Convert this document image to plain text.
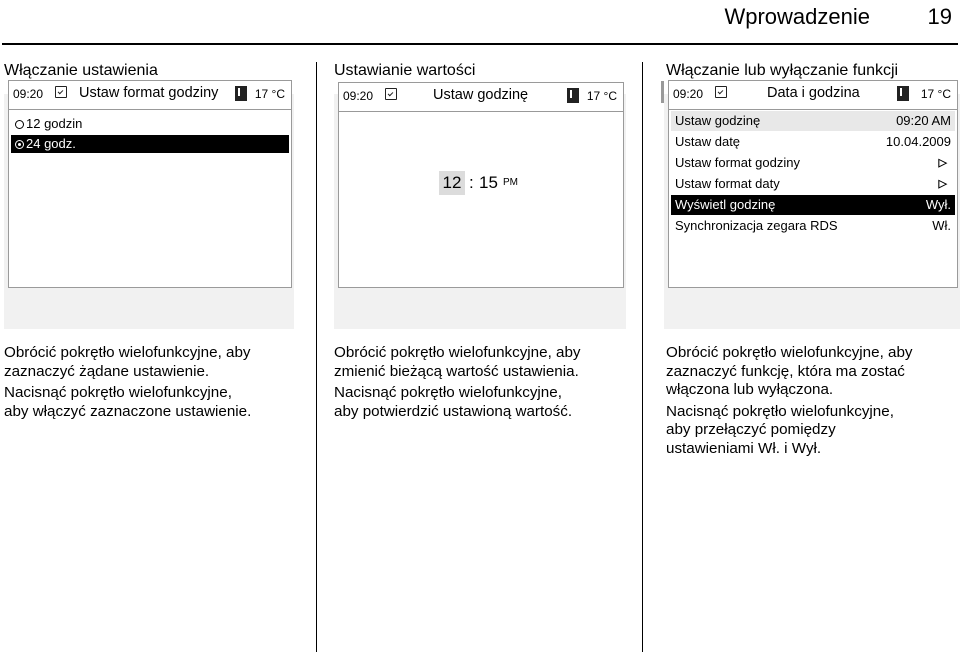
Wprowadzenie	19
Włączanie ustawienia
09:20 Ustaw format godziny	17 °C
12 godzin
24 godz.

Obrócić pokrętło wielofunkcyjne, aby
zaznaczyć żądane ustawienie.

Nacisnąć pokrętło wielofunkcyjne,
aby włączyć zaznaczone ustawienie.

Ustawianie wartości
09:20	Ustaw godzinę	17 °C
12 : 15 PM

Obrócić pokrętło wielofunkcyjne, aby
zmienić bieżącą wartość ustawienia.

Nacisnąć pokrętło wielofunkcyjne,
aby potwierdzić ustawioną wartość.

Włączanie lub wyłączanie funkcji
09:20	Data i godzina	17 °C
Ustaw godzinę	09:20 AM
Ustaw datę	10.04.2009
Ustaw format godziny	▷
Ustaw format daty	▷
Wyświetl godzinę	Wył.
Synchronizacja zegara RDS	Wł.

Obrócić pokrętło wielofunkcyjne, aby
zaznaczyć funkcję, która ma zostać
włączona lub wyłączona.

Nacisnąć pokrętło wielofunkcyjne,
aby przełączyć pomiędzy
ustawieniami Wł. i Wył.
